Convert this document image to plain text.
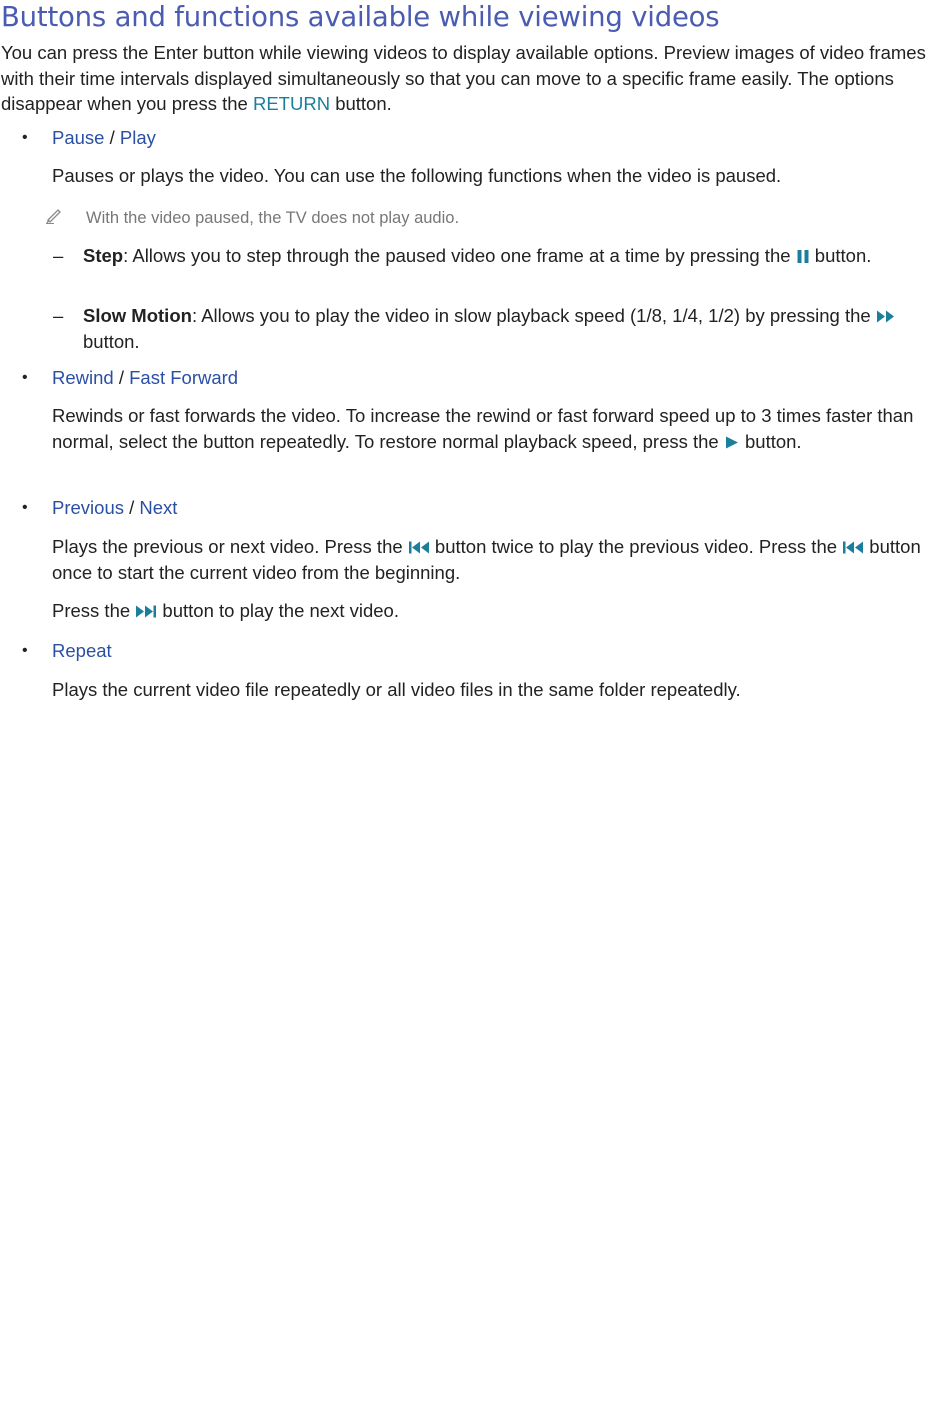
Buttons and functions available while viewing videos

You can press the Enter button while viewing videos to display available options. Preview images of video frames with their time intervals displayed simultaneously so that you can move to a specific frame easily. The options disappear when you press the RETURN button.

• Pause / Play

Pauses or plays the video. You can use the following functions when the video is paused.

With the video paused, the TV does not play audio.
– Step: Allows you to step through the paused video one frame at a time by pressing the  button.

– Slow Motion: Allows you to play the video in slow playback speed (1/8, 1/4, 1/2) by pressing the  button.

• Rewind / Fast Forward

Rewinds or fast forwards the video. To increase the rewind or fast forward speed up to 3 times faster than normal, select the button repeatedly. To restore normal playback speed, press the  button.

• Previous / Next

Plays the previous or next video. Press the  button twice to play the previous video. Press the  button once to start the current video from the beginning.

Press the  button to play the next video.

• Repeat

Plays the current video file repeatedly or all video files in the same folder repeatedly.
